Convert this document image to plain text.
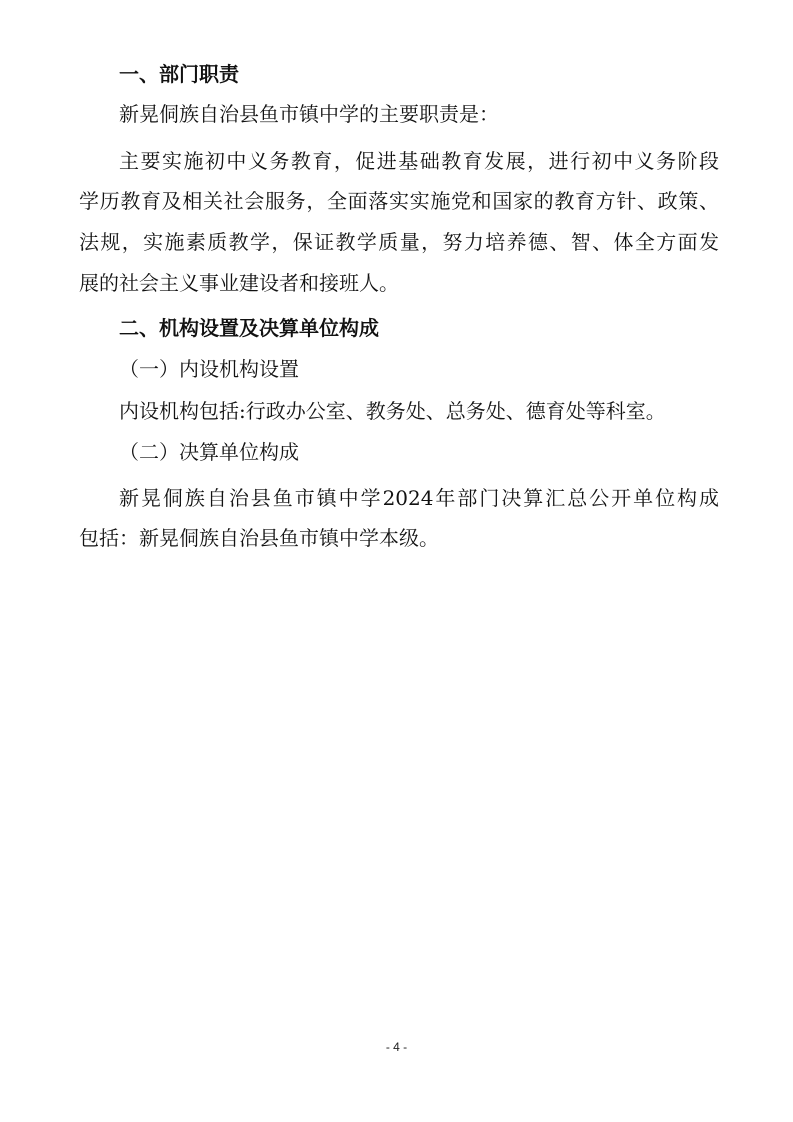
一、部门职责
新晃侗族自治县鱼市镇中学的主要职责是：
主要实施初中义务教育，促进基础教育发展，进行初中义务阶段
学历教育及相关社会服务，全面落实实施党和国家的教育方针、政策、
法规，实施素质教学，保证教学质量，努力培养德、智、体全方面发
展的社会主义事业建设者和接班人。
二、机构设置及决算单位构成
（一）内设机构设置
内设机构包括:行政办公室、教务处、总务处、德育处等科室。
（二）决算单位构成
新晃侗族自治县鱼市镇中学2024年部门决算汇总公开单位构成
包括：新晃侗族自治县鱼市镇中学本级。
- 4 -
